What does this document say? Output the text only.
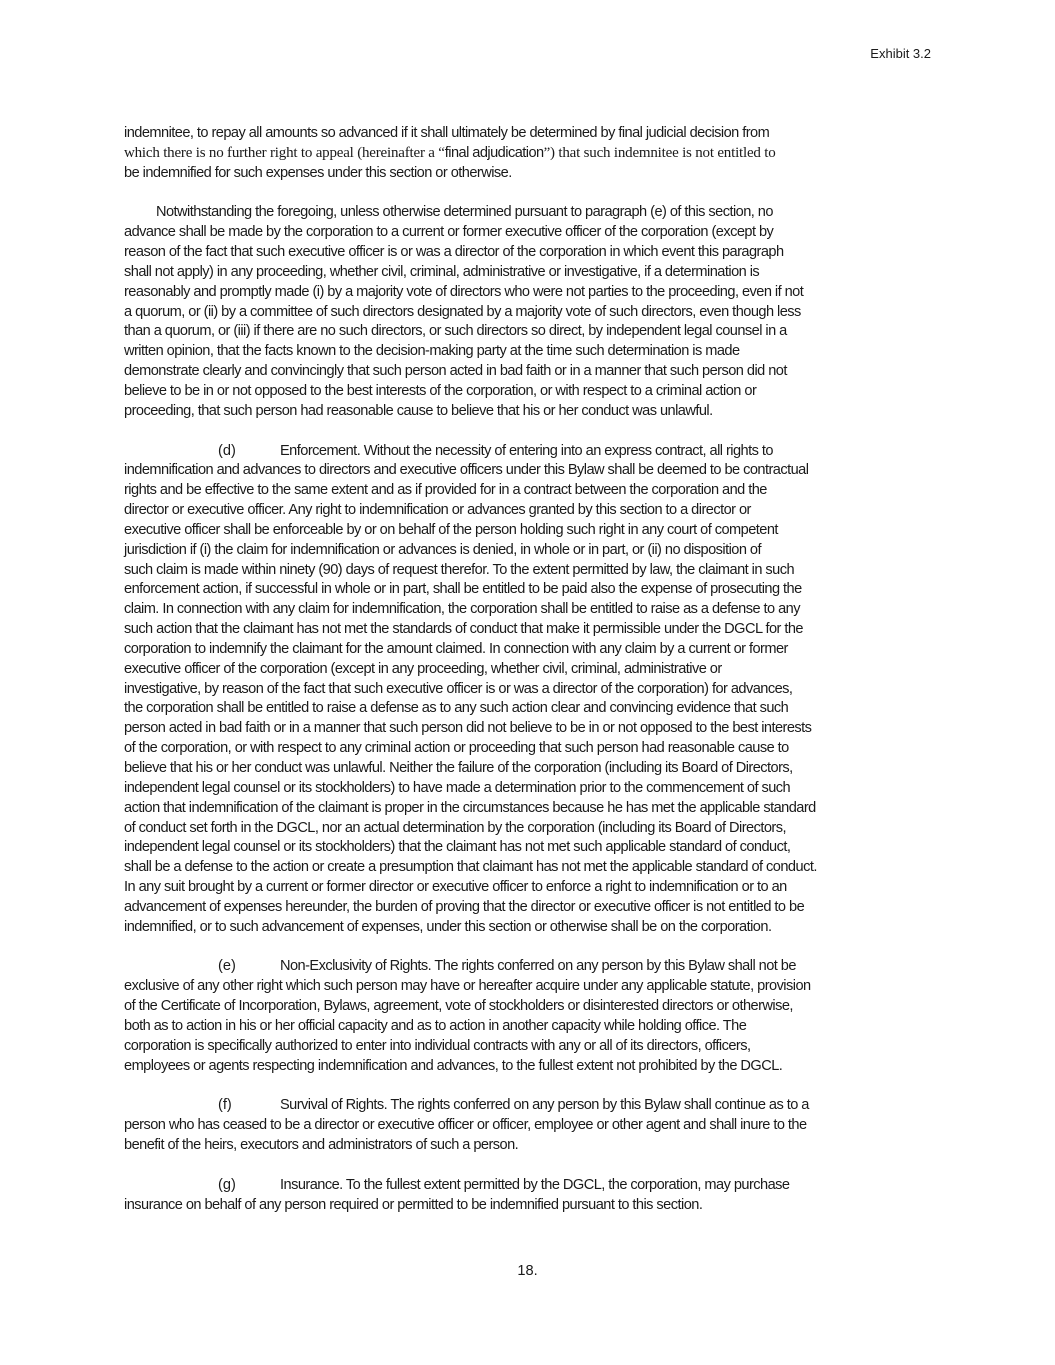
Exhibit 3.2
indemnitee, to repay all amounts so advanced if it shall ultimately be determined by final judicial decision from
which there is no further right to appeal (hereinafter a “final adjudication”) that such indemnitee is not entitled to
be indemnified for such expenses under this section or otherwise.
Notwithstanding the foregoing, unless otherwise determined pursuant to paragraph (e) of this section, no
advance shall be made by the corporation to a current or former executive officer of the corporation (except by
reason of the fact that such executive officer is or was a director of the corporation in which event this paragraph
shall not apply) in any proceeding, whether civil, criminal, administrative or investigative, if a determination is
reasonably and promptly made (i) by a majority vote of directors who were not parties to the proceeding, even if not
a quorum, or (ii) by a committee of such directors designated by a majority vote of such directors, even though less
than a quorum, or (iii) if there are no such directors, or such directors so direct, by independent legal counsel in a
written opinion, that the facts known to the decision-making party at the time such determination is made
demonstrate clearly and convincingly that such person acted in bad faith or in a manner that such person did not
believe to be in or not opposed to the best interests of the corporation, or with respect to a criminal action or
proceeding, that such person had reasonable cause to believe that his or her conduct was unlawful.
(d)	Enforcement. Without the necessity of entering into an express contract, all rights to
indemnification and advances to directors and executive officers under this Bylaw shall be deemed to be contractual
rights and be effective to the same extent and as if provided for in a contract between the corporation and the
director or executive officer. Any right to indemnification or advances granted by this section to a director or
executive officer shall be enforceable by or on behalf of the person holding such right in any court of competent
jurisdiction if (i) the claim for indemnification or advances is denied, in whole or in part, or (ii) no disposition of
such claim is made within ninety (90) days of request therefor. To the extent permitted by law, the claimant in such
enforcement action, if successful in whole or in part, shall be entitled to be paid also the expense of prosecuting the
claim. In connection with any claim for indemnification, the corporation shall be entitled to raise as a defense to any
such action that the claimant has not met the standards of conduct that make it permissible under the DGCL for the
corporation to indemnify the claimant for the amount claimed. In connection with any claim by a current or former
executive officer of the corporation (except in any proceeding, whether civil, criminal, administrative or
investigative, by reason of the fact that such executive officer is or was a director of the corporation) for advances,
the corporation shall be entitled to raise a defense as to any such action clear and convincing evidence that such
person acted in bad faith or in a manner that such person did not believe to be in or not opposed to the best interests
of the corporation, or with respect to any criminal action or proceeding that such person had reasonable cause to
believe that his or her conduct was unlawful. Neither the failure of the corporation (including its Board of Directors,
independent legal counsel or its stockholders) to have made a determination prior to the commencement of such
action that indemnification of the claimant is proper in the circumstances because he has met the applicable standard
of conduct set forth in the DGCL, nor an actual determination by the corporation (including its Board of Directors,
independent legal counsel or its stockholders) that the claimant has not met such applicable standard of conduct,
shall be a defense to the action or create a presumption that claimant has not met the applicable standard of conduct.
In any suit brought by a current or former director or executive officer to enforce a right to indemnification or to an
advancement of expenses hereunder, the burden of proving that the director or executive officer is not entitled to be
indemnified, or to such advancement of expenses, under this section or otherwise shall be on the corporation.
(e)	Non-Exclusivity of Rights. The rights conferred on any person by this Bylaw shall not be
exclusive of any other right which such person may have or hereafter acquire under any applicable statute, provision
of the Certificate of Incorporation, Bylaws, agreement, vote of stockholders or disinterested directors or otherwise,
both as to action in his or her official capacity and as to action in another capacity while holding office. The
corporation is specifically authorized to enter into individual contracts with any or all of its directors, officers,
employees or agents respecting indemnification and advances, to the fullest extent not prohibited by the DGCL.
(f)	Survival of Rights. The rights conferred on any person by this Bylaw shall continue as to a
person who has ceased to be a director or executive officer or officer, employee or other agent and shall inure to the
benefit of the heirs, executors and administrators of such a person.
(g)	Insurance. To the fullest extent permitted by the DGCL, the corporation, may purchase
insurance on behalf of any person required or permitted to be indemnified pursuant to this section.
18.
